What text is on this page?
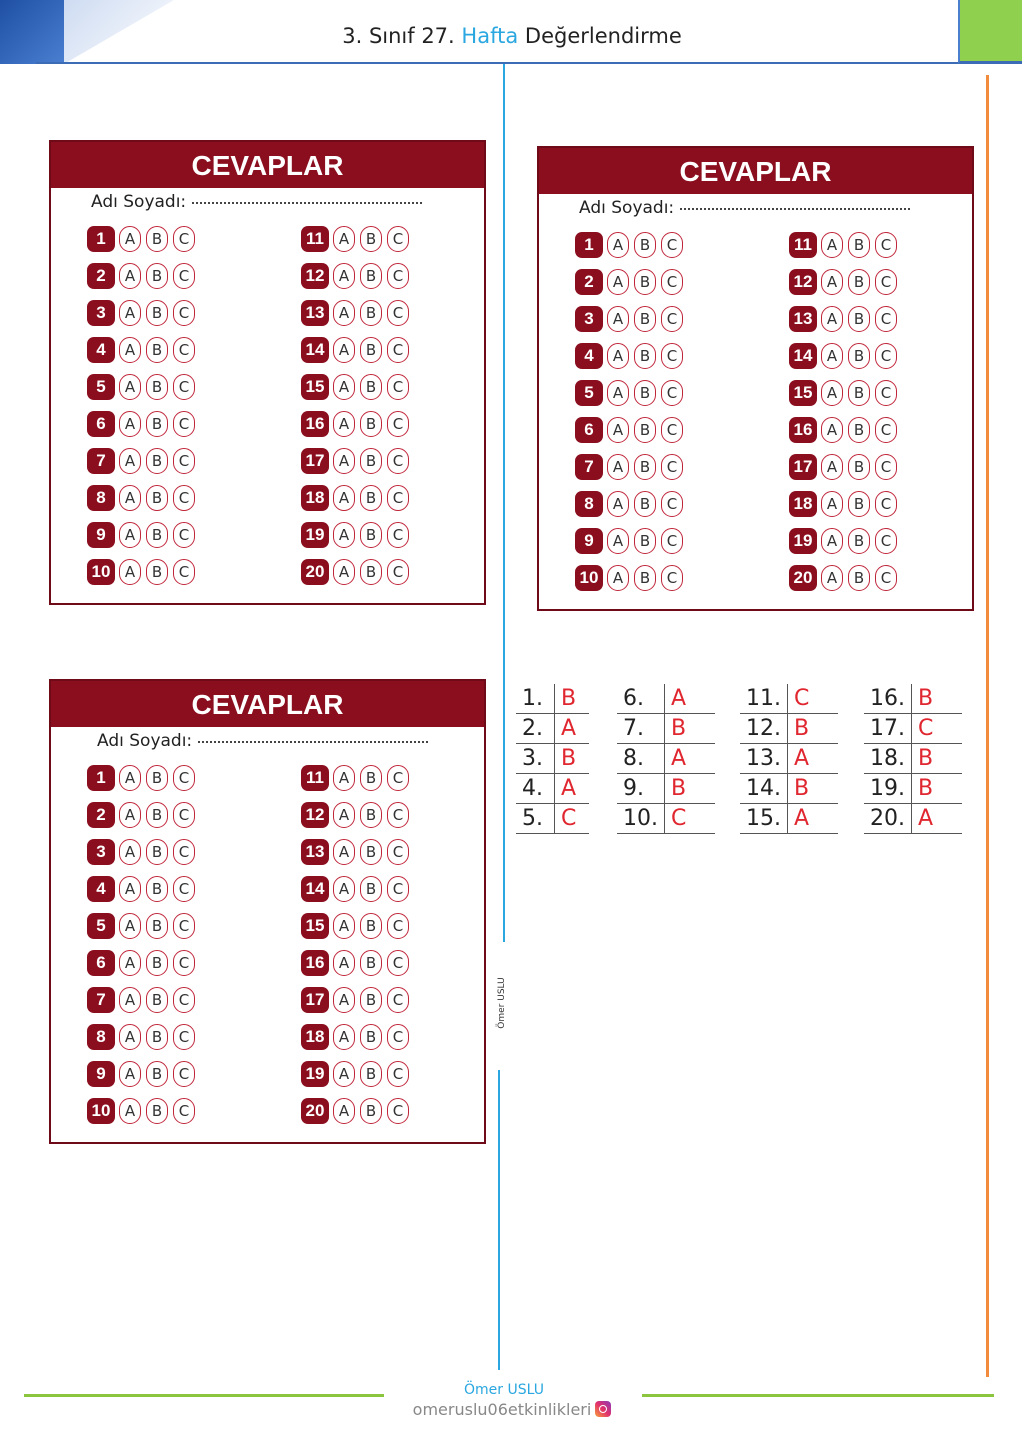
3. Sınıf 27. Hafta Değerlendirme
Ömer USLU
CEVAPLAR
Adı Soyadı:
1	A	B	C
2	A	B	C
3	A	B	C
4	A	B	C
5	A	B	C
6	A	B	C
7	A	B	C
8	A	B	C
9	A	B	C
10 A	B	C
11 A	B	C
12 A	B	C
13 A	B	C
14 A	B	C
15 A	B	C
16 A	B	C
17 A	B	C
18 A	B	C
19 A	B	C
20 A	B	C
CEVAPLAR
Adı Soyadı:
1	A	B	C
2	A	B	C
3	A	B	C
4	A	B	C
5	A	B	C
6	A	B	C
7	A	B	C
8	A	B	C
9	A	B	C
10 A	B	C
11 A	B	C
12 A	B	C
13 A	B	C
14 A	B	C
15 A	B	C
16 A	B	C
17 A	B	C
18 A	B	C
19 A	B	C
20 A	B	C
CEVAPLAR
Adı Soyadı:
1	A	B	C
2	A	B	C
3	A	B	C
4	A	B	C
5	A	B	C
6	A	B	C
7	A	B	C
8	A	B	C
9	A	B	C
10 A	B	C
11 A	B	C
12 A	B	C
13 A	B	C
14 A	B	C
15 A	B	C
16 A	B	C
17 A	B	C
18 A	B	C
19 A	B	C
20 A	B	C
1.	B
2.	A
3.	B
4.	A
5.	C
6.	A
7.	B
8.	A
9.	B
10.	C
11.	C
12.	B
13.	A
14.	B
15.	A
16.	B
17.	C
18.	B
19.	B
20.	A
Ömer USLU
omeruslu06etkinlikleri
